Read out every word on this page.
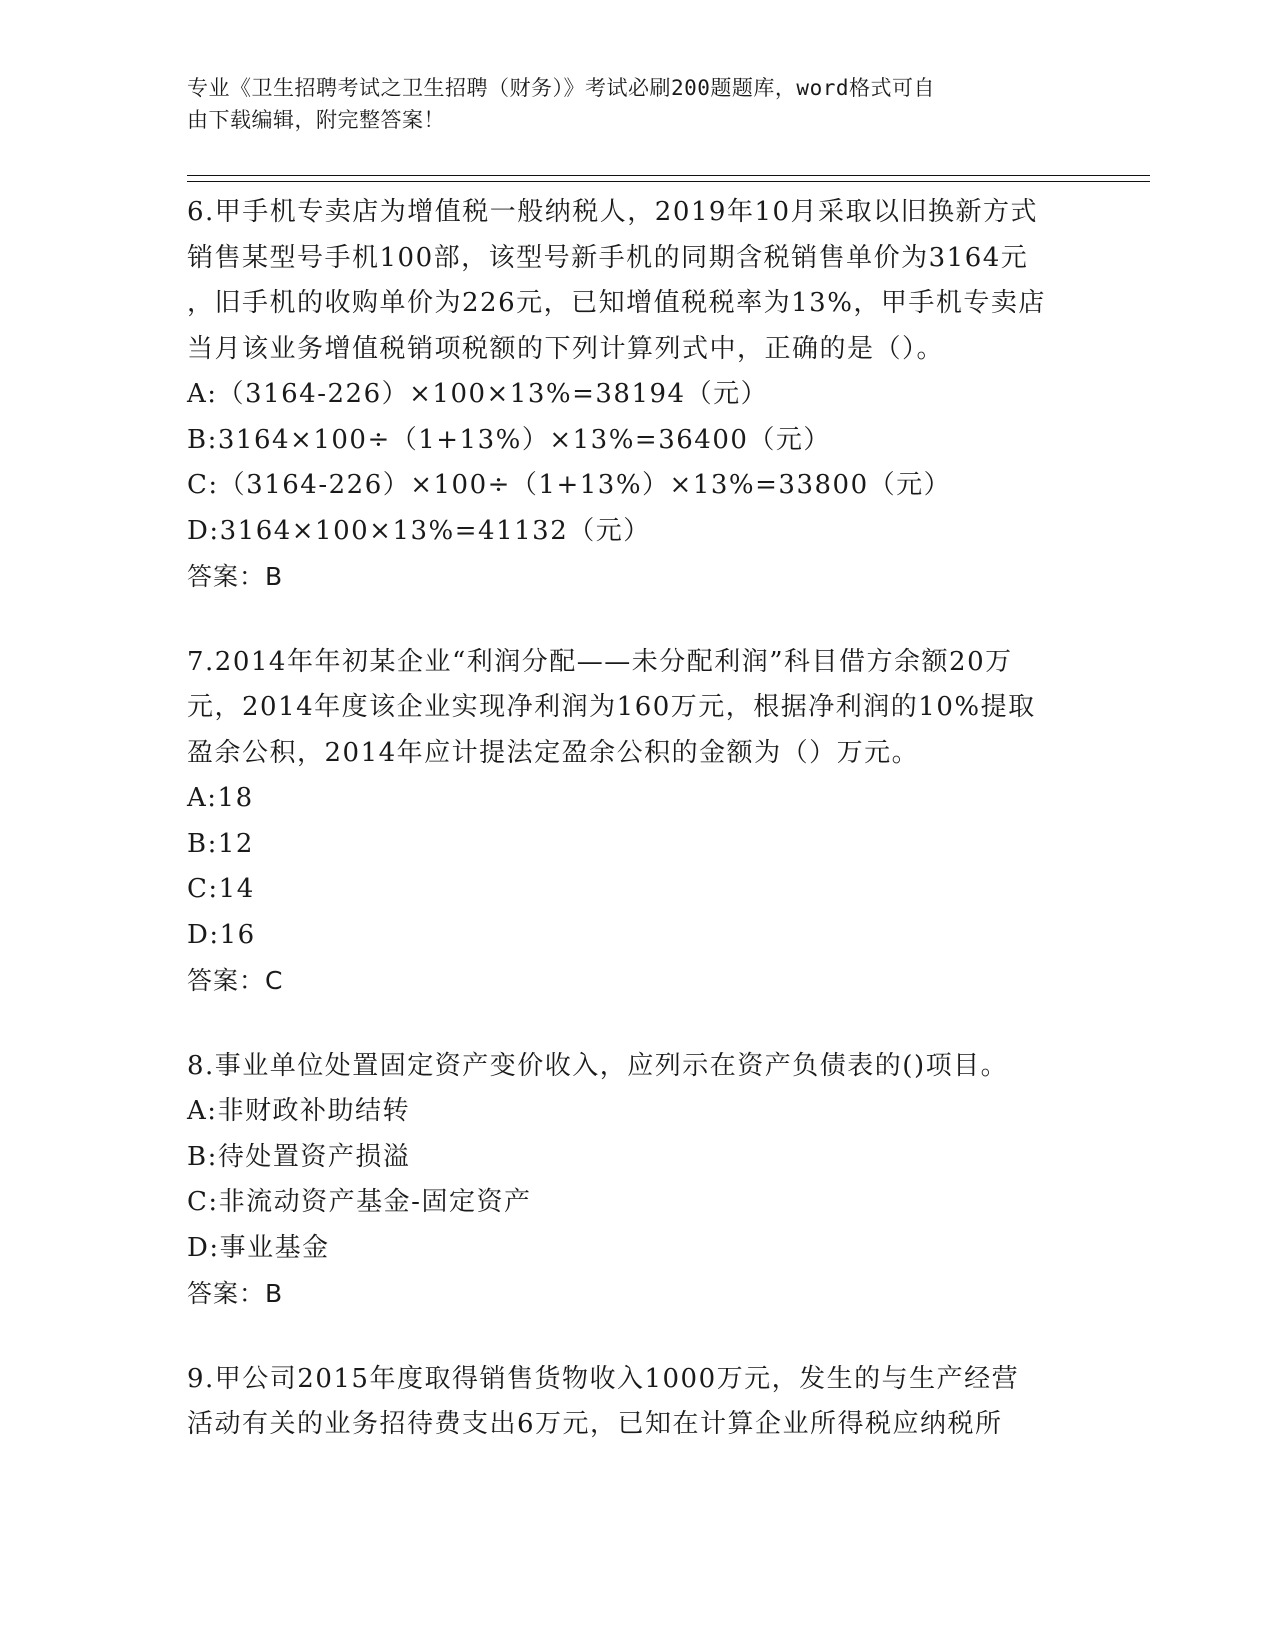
专业《卫生招聘考试之卫生招聘（财务）》考试必刷200题题库，word格式可自
由下载编辑，附完整答案！
6.甲手机专卖店为增值税一般纳税人，2019年10月采取以旧换新方式
销售某型号手机100部，该型号新手机的同期含税销售单价为3164元
，旧手机的收购单价为226元，已知增值税税率为13%，甲手机专卖店
当月该业务增值税销项税额的下列计算列式中，正确的是（）。
A:（3164-226）×100×13%=38194（元）
B:3164×100÷（1+13%）×13%=36400（元）
C:（3164-226）×100÷（1+13%）×13%=33800（元）
D:3164×100×13%=41132（元）
答案：B
7.2014年年初某企业“利润分配——未分配利润”科目借方余额20万
元，2014年度该企业实现净利润为160万元，根据净利润的10%提取
盈余公积，2014年应计提法定盈余公积的金额为（）万元。
A:18
B:12
C:14
D:16
答案：C
8.事业单位处置固定资产变价收入，应列示在资产负债表的()项目。
A:非财政补助结转
B:待处置资产损溢
C:非流动资产基金-固定资产
D:事业基金
答案：B
9.甲公司2015年度取得销售货物收入1000万元，发生的与生产经营
活动有关的业务招待费支出6万元，已知在计算企业所得税应纳税所
